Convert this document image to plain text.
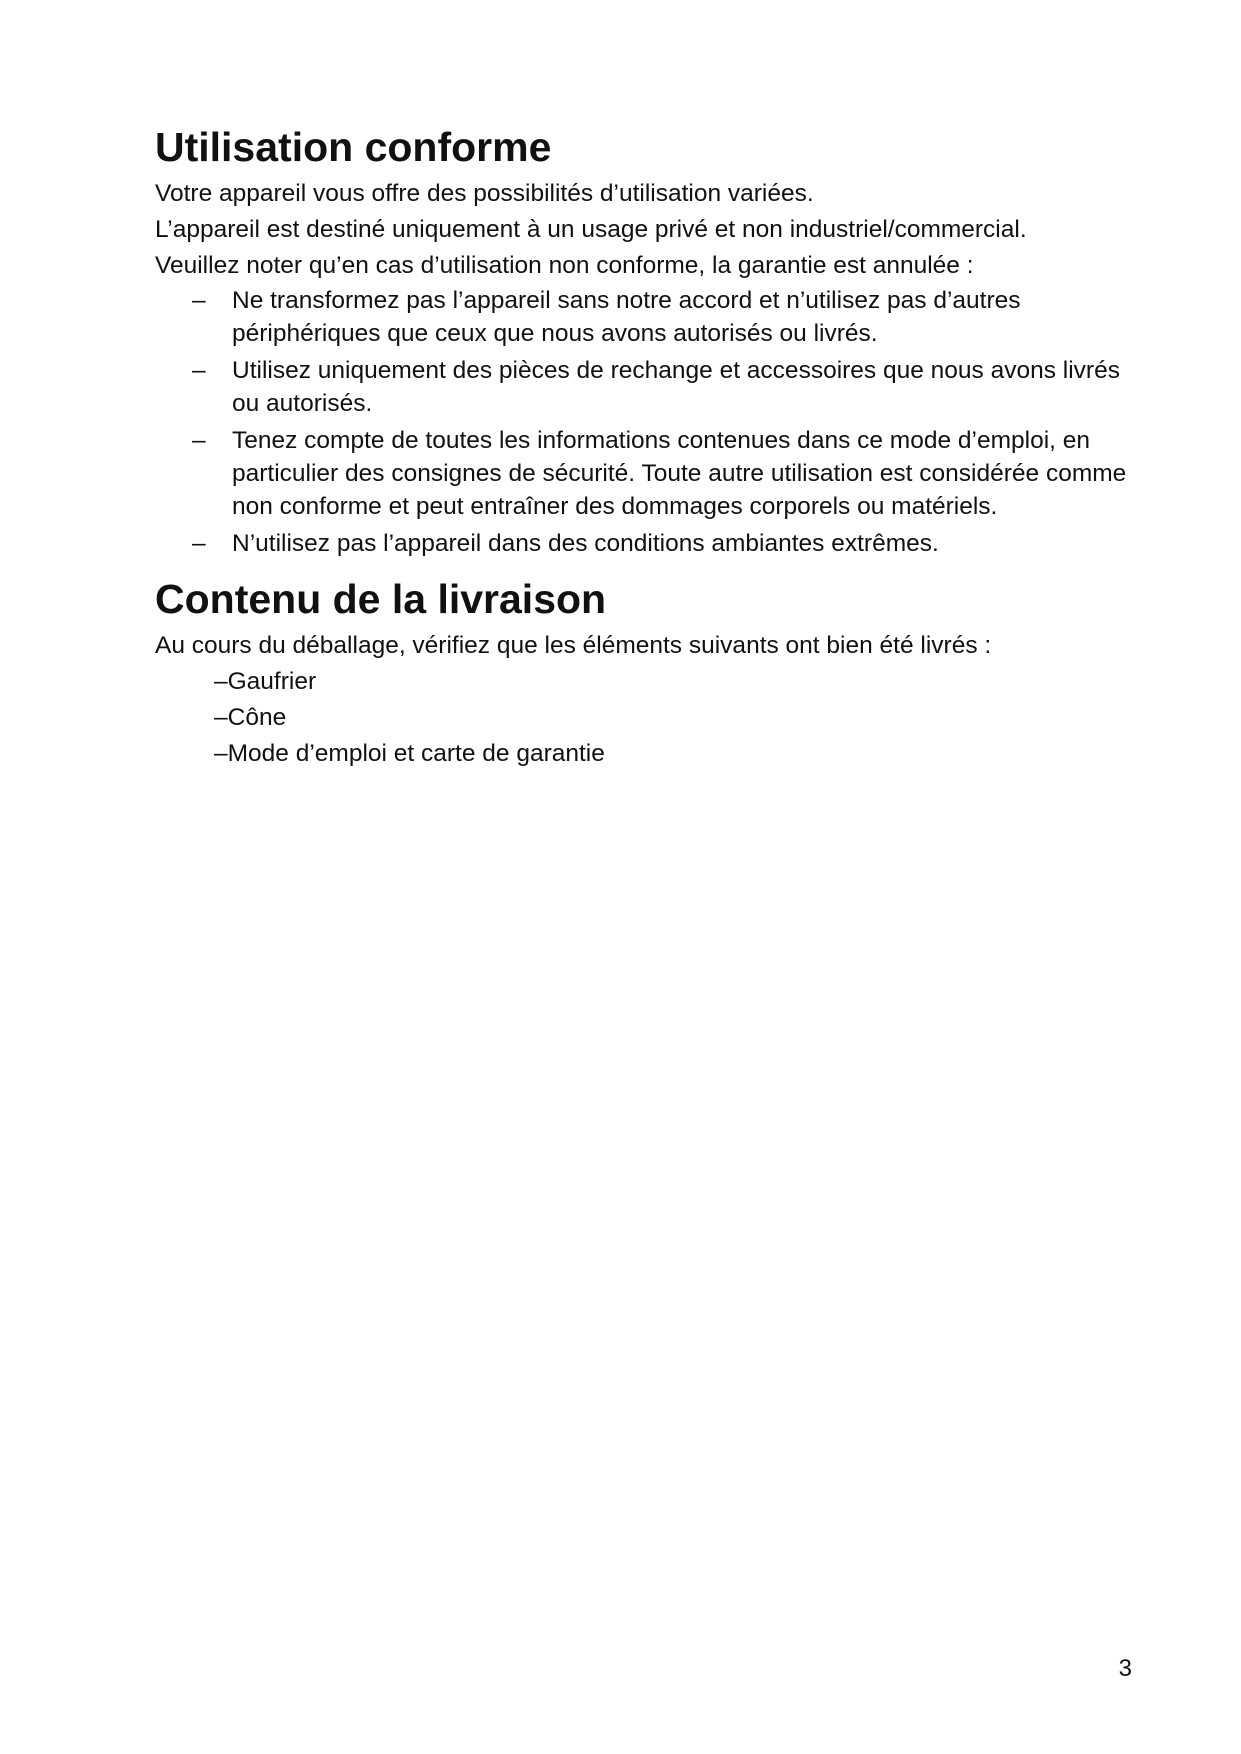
Utilisation conforme

Votre appareil vous offre des possibilités d’utilisation variées.

L’appareil est destiné uniquement à un usage privé et non industriel/commercial.

Veuillez noter qu’en cas d’utilisation non conforme, la garantie est annulée :

– Ne transformez pas l’appareil sans notre accord et n’utilisez pas d’autres périphériques que ceux que nous avons autorisés ou livrés.
– Utilisez uniquement des pièces de rechange et accessoires que nous avons livrés ou autorisés.
– Tenez compte de toutes les informations contenues dans ce mode d’emploi, en particulier des consignes de sécurité. Toute autre utilisation est considérée comme non conforme et peut entraîner des dommages corporels ou matériels.
– N’utilisez pas l’appareil dans des conditions ambiantes extrêmes.
Contenu de la livraison

Au cours du déballage, vérifiez que les éléments suivants ont bien été livrés :

–Gaufrier
–Cône
–Mode d’emploi et carte de garantie
3
